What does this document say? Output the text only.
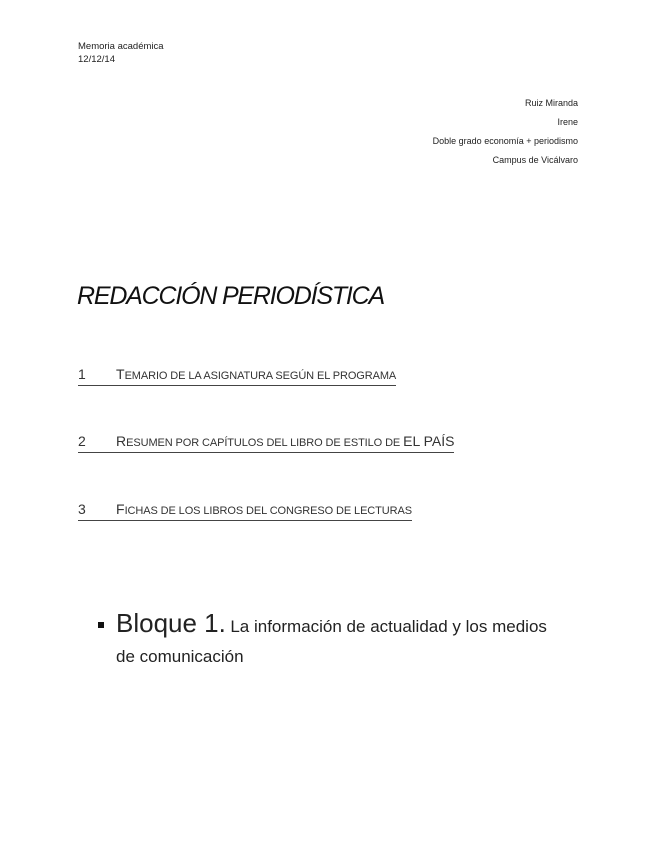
Memoria académica
12/12/14
Ruiz Miranda
Irene
Doble grado economía + periodismo
Campus de Vicálvaro
REDACCIÓN PERIODÍSTICA
1 TEMARIO DE LA ASIGNATURA SEGÚN EL PROGRAMA
2 RESUMEN POR CAPÍTULOS DEL LIBRO DE ESTILO DE EL PAÍS
3 FICHAS DE LOS LIBROS DEL CONGRESO DE LECTURAS
Bloque 1. La información de actualidad y los medios de comunicación
